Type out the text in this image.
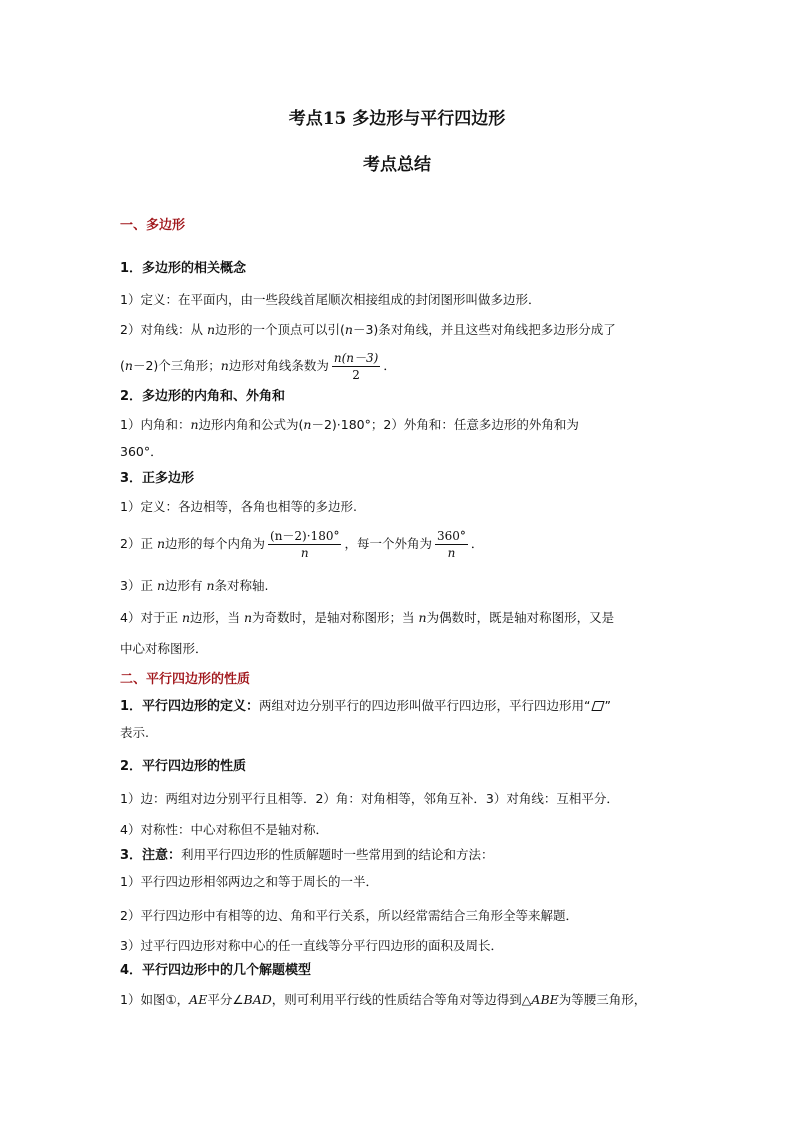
考点15 多边形与平行四边形
考点总结
一、多边形
1．多边形的相关概念
1）定义：在平面内，由一些段线首尾顺次相接组成的封闭图形叫做多边形．
2）对角线：从 n边形的一个顶点可以引(n－3)条对角线，并且这些对角线把多边形分成了
(n－2)个三角形；n边形对角线条数为 $\frac{n(n-3)}{2}$ ．
2．多边形的内角和、外角和
1）内角和：n边形内角和公式为(n－2)·180°；2）外角和：任意多边形的外角和为
360°．
3．正多边形
1）定义：各边相等，各角也相等的多边形.
2）正 n边形的每个内角为 $\frac{(n-2)\cdot 180^\circ}{n}$ ，每一个外角为 $\frac{360^\circ}{n}$ ．
3）正 n边形有 n条对称轴.
4）对于正 n边形，当 n为奇数时，是轴对称图形；当 n为偶数时，既是轴对称图形，又是
中心对称图形．
二、平行四边形的性质
1．平行四边形的定义：两组对边分别平行的四边形叫做平行四边形，平行四边形用“ ”
表示.
2．平行四边形的性质
1）边：两组对边分别平行且相等．2）角：对角相等，邻角互补．3）对角线：互相平分．
4）对称性：中心对称但不是轴对称．
3．注意：利用平行四边形的性质解题时一些常用到的结论和方法：
1）平行四边形相邻两边之和等于周长的一半．
2）平行四边形中有相等的边、角和平行关系，所以经常需结合三角形全等来解题．
3）过平行四边形对称中心的任一直线等分平行四边形的面积及周长．
4．平行四边形中的几个解题模型
1）如图①，AE平分∠BAD，则可利用平行线的性质结合等角对等边得到△ABE为等腰三角形，
